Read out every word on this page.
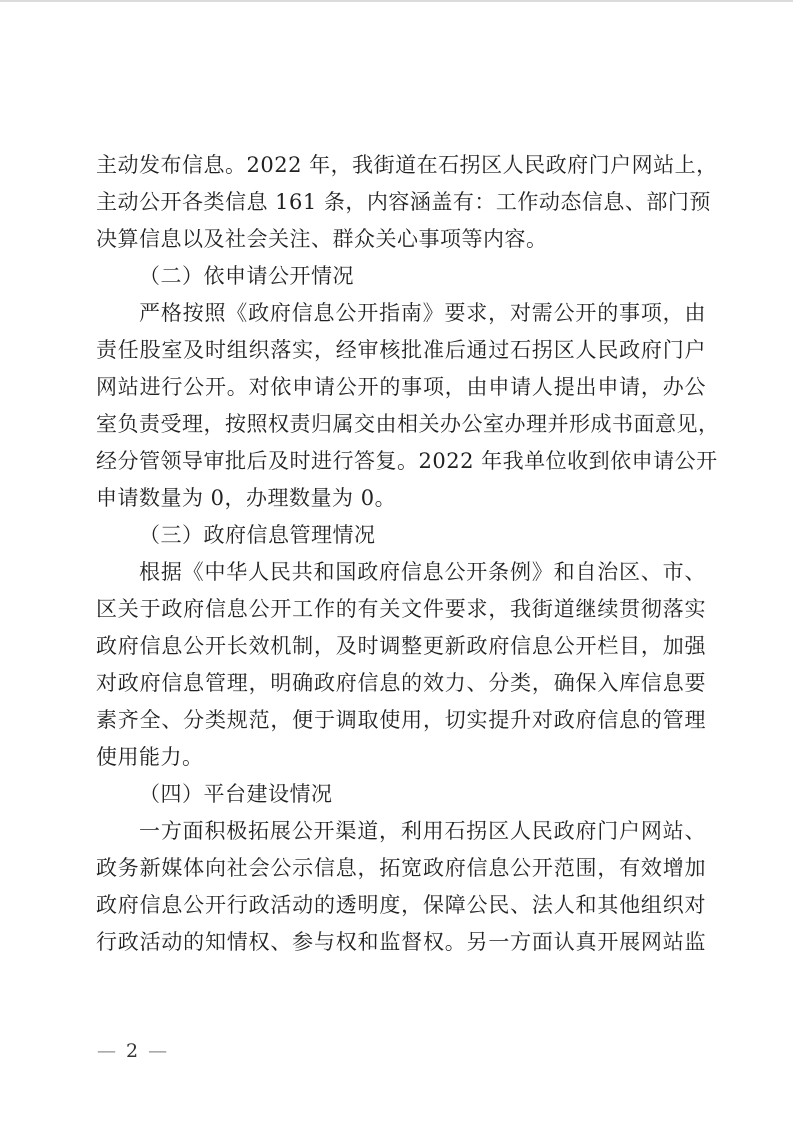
主动发布信息。2022 年，我街道在石拐区人民政府门户网站上，
主动公开各类信息 161 条，内容涵盖有：工作动态信息、部门预
决算信息以及社会关注、群众关心事项等内容。
（二）依申请公开情况
严格按照《政府信息公开指南》要求，对需公开的事项，由
责任股室及时组织落实，经审核批准后通过石拐区人民政府门户
网站进行公开。对依申请公开的事项，由申请人提出申请，办公
室负责受理，按照权责归属交由相关办公室办理并形成书面意见，
经分管领导审批后及时进行答复。2022 年我单位收到依申请公开
申请数量为 0，办理数量为 0。
（三）政府信息管理情况
根据《中华人民共和国政府信息公开条例》和自治区、市、
区关于政府信息公开工作的有关文件要求，我街道继续贯彻落实
政府信息公开长效机制，及时调整更新政府信息公开栏目，加强
对政府信息管理，明确政府信息的效力、分类，确保入库信息要
素齐全、分类规范，便于调取使用，切实提升对政府信息的管理
使用能力。
（四）平台建设情况
一方面积极拓展公开渠道，利用石拐区人民政府门户网站、
政务新媒体向社会公示信息，拓宽政府信息公开范围，有效增加
政府信息公开行政活动的透明度，保障公民、法人和其他组织对
行政活动的知情权、参与权和监督权。另一方面认真开展网站监
— 2 —
